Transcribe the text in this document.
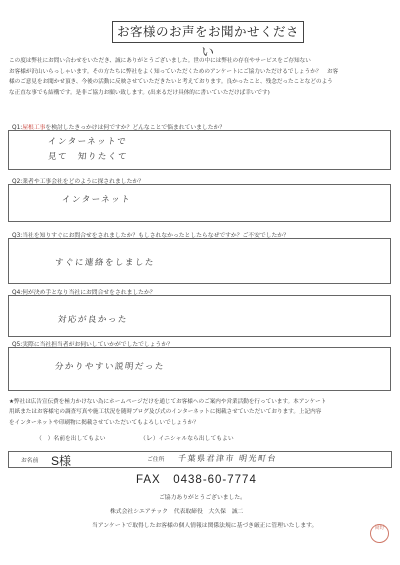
お客様のお声をお聞かせください
この度は弊社にお問い合わせをいただき、誠にありがとうございました。世の中には弊社の存在やサービスをご存知ない
お客様が沢山いらっしゃいます。その方たちに弊社をよく知っていただくためのアンケートにご協力いただけるでしょうか？　お客
様のご意見をお聞かせ頂き、今後の活動に反映させていただきたいと考えております。良かったこと、残念だったことなどのよう
な正直な事でも結構です。是非ご協力お願い致します。(出来るだけ具体的に書いていただけば幸いです)
Q1:屋根工事を検討したきっかけは何ですか？どんなことで悩まれていましたか？
インターネットで
見て　知りたくて
Q2:業者や工事会社をどのように探されましたか？
インターネット
Q3:当社を知りすぐにお問合せをされましたか？もしされなかったとしたらなぜですか？ご不安でしたか？
すぐに連絡をしました
Q4:何が決め手となり当社にお問合せをされましたか？
対応が良かった
Q5:実際に当社担当者がお伺いしていかがでしたでしょうか？
分かりやすい説明だった
★弊社は広告宣伝費を極力かけない為にホームページだけを通じてお客様へのご案内や営業活動を行っています。本アンケート
用紙またはお客様宅の調査写真や施工状況を随時ブログ及び式のインターネットに掲載させていただいております。上記内容
をインターネットや印刷物に掲載させていただいてもよろしいでしょうか？
（　）名前を出してもよい	（レ）イニシャルなら出してもよい
お名前 S様	ご住所 千葉県君津市 明光町台
FAX　0438-60-7774
ご協力ありがとうございました。
株式会社シエアテック　代表取締役　大久保　誠二
当アンケートで取得したお客様の個人情報は関係法規に基づき厳正に管理いたします。	岡野
